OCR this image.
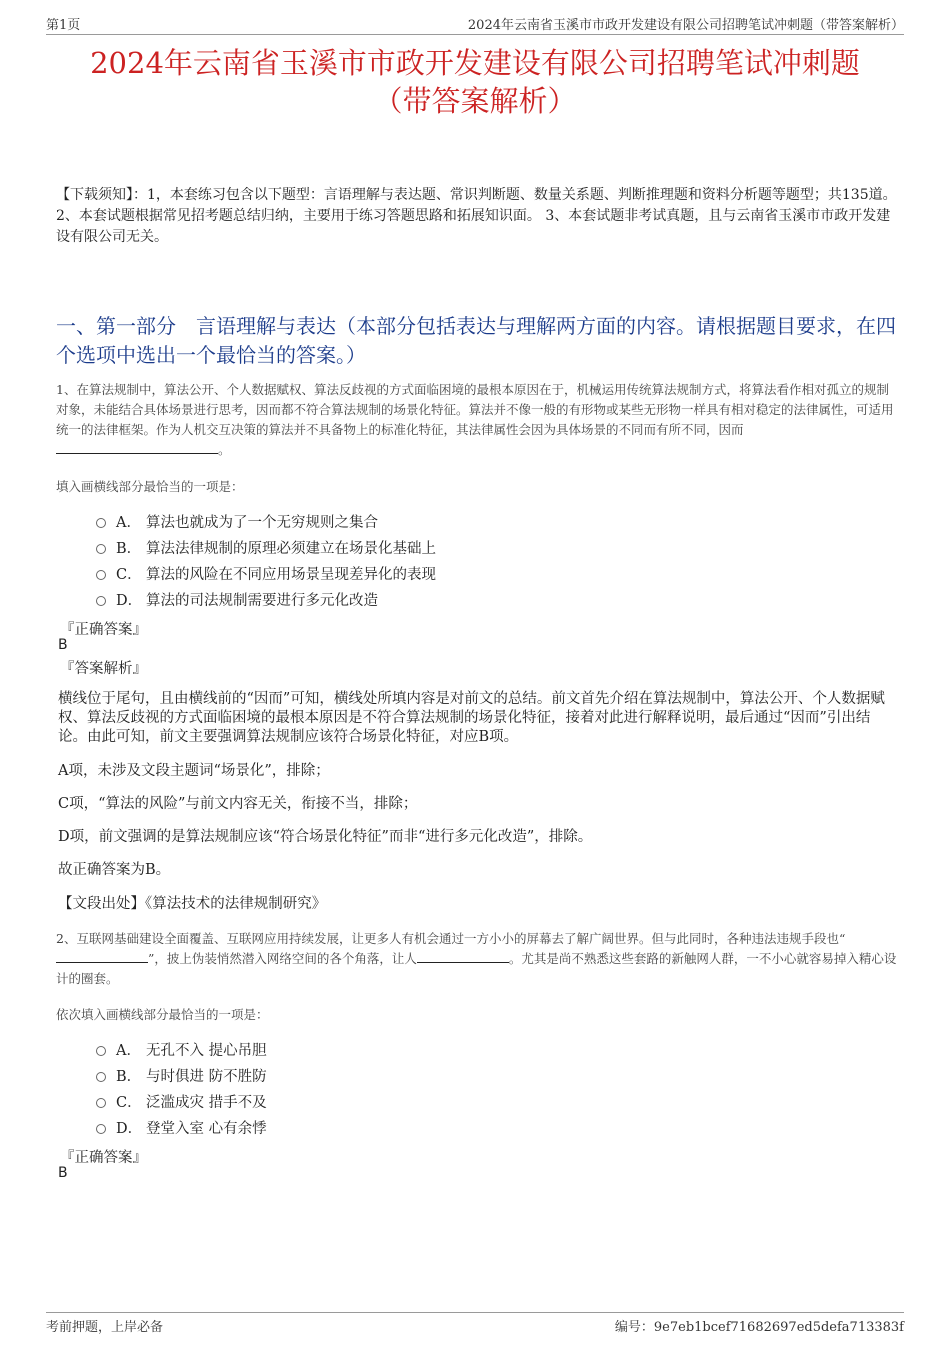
第1页	2024年云南省玉溪市市政开发建设有限公司招聘笔试冲刺题（带答案解析）
2024年云南省玉溪市市政开发建设有限公司招聘笔试冲刺题
（带答案解析）
【下载须知】：1，本套练习包含以下题型：言语理解与表达题、常识判断题、数量关系题、判断推理题和资料分析题等题型；共135道。 2、本套试题根据常见招考题总结归纳，主要用于练习答题思路和拓展知识面。 3、本套试题非考试真题，且与云南省玉溪市市政开发建设有限公司无关。
一、第一部分　言语理解与表达（本部分包括表达与理解两方面的内容。请根据题目要求，在四个选项中选出一个最恰当的答案。）
1、在算法规制中，算法公开、个人数据赋权、算法反歧视的方式面临困境的最根本原因在于，机械运用传统算法规制方式，将算法看作相对孤立的规制对象，未能结合具体场景进行思考，因而都不符合算法规制的场景化特征。算法并不像一般的有形物或某些无形物一样具有相对稳定的法律属性，可适用统一的法律框架。作为人机交互决策的算法并不具备物上的标准化特征，其法律属性会因为具体场景的不同而有所不同，因而。
填入画横线部分最恰当的一项是：
A． 算法也就成为了一个无穷规则之集合
B． 算法法律规制的原理必须建立在场景化基础上
C． 算法的风险在不同应用场景呈现差异化的表现
D． 算法的司法规制需要进行多元化改造
『正确答案』
B
『答案解析』
横线位于尾句，且由横线前的“因而”可知，横线处所填内容是对前文的总结。前文首先介绍在算法规制中，算法公开、个人数据赋权、算法反歧视的方式面临困境的最根本原因是不符合算法规制的场景化特征，接着对此进行解释说明，最后通过“因而”引出结论。由此可知，前文主要强调算法规制应该符合场景化特征，对应B项。
A项，未涉及文段主题词“场景化”，排除；
C项，“算法的风险”与前文内容无关，衔接不当，排除；
D项，前文强调的是算法规制应该“符合场景化特征”而非“进行多元化改造”，排除。
故正确答案为B。
【文段出处】《算法技术的法律规制研究》
2、互联网基础建设全面覆盖、互联网应用持续发展，让更多人有机会通过一方小小的屏幕去了解广阔世界。但与此同时，各种违法违规手段也“”，披上伪装悄然潜入网络空间的各个角落，让人	。尤其是尚不熟悉这些套路的新触网人群，一不小心就容易掉入精心设计的圈套。
依次填入画横线部分最恰当的一项是：
A． 无孔不入 提心吊胆
B． 与时俱进 防不胜防
C． 泛滥成灾 措手不及
D． 登堂入室 心有余悸
『正确答案』
B
考前押题，上岸必备	编号：9e7eb1bcef71682697ed5defa713383f
